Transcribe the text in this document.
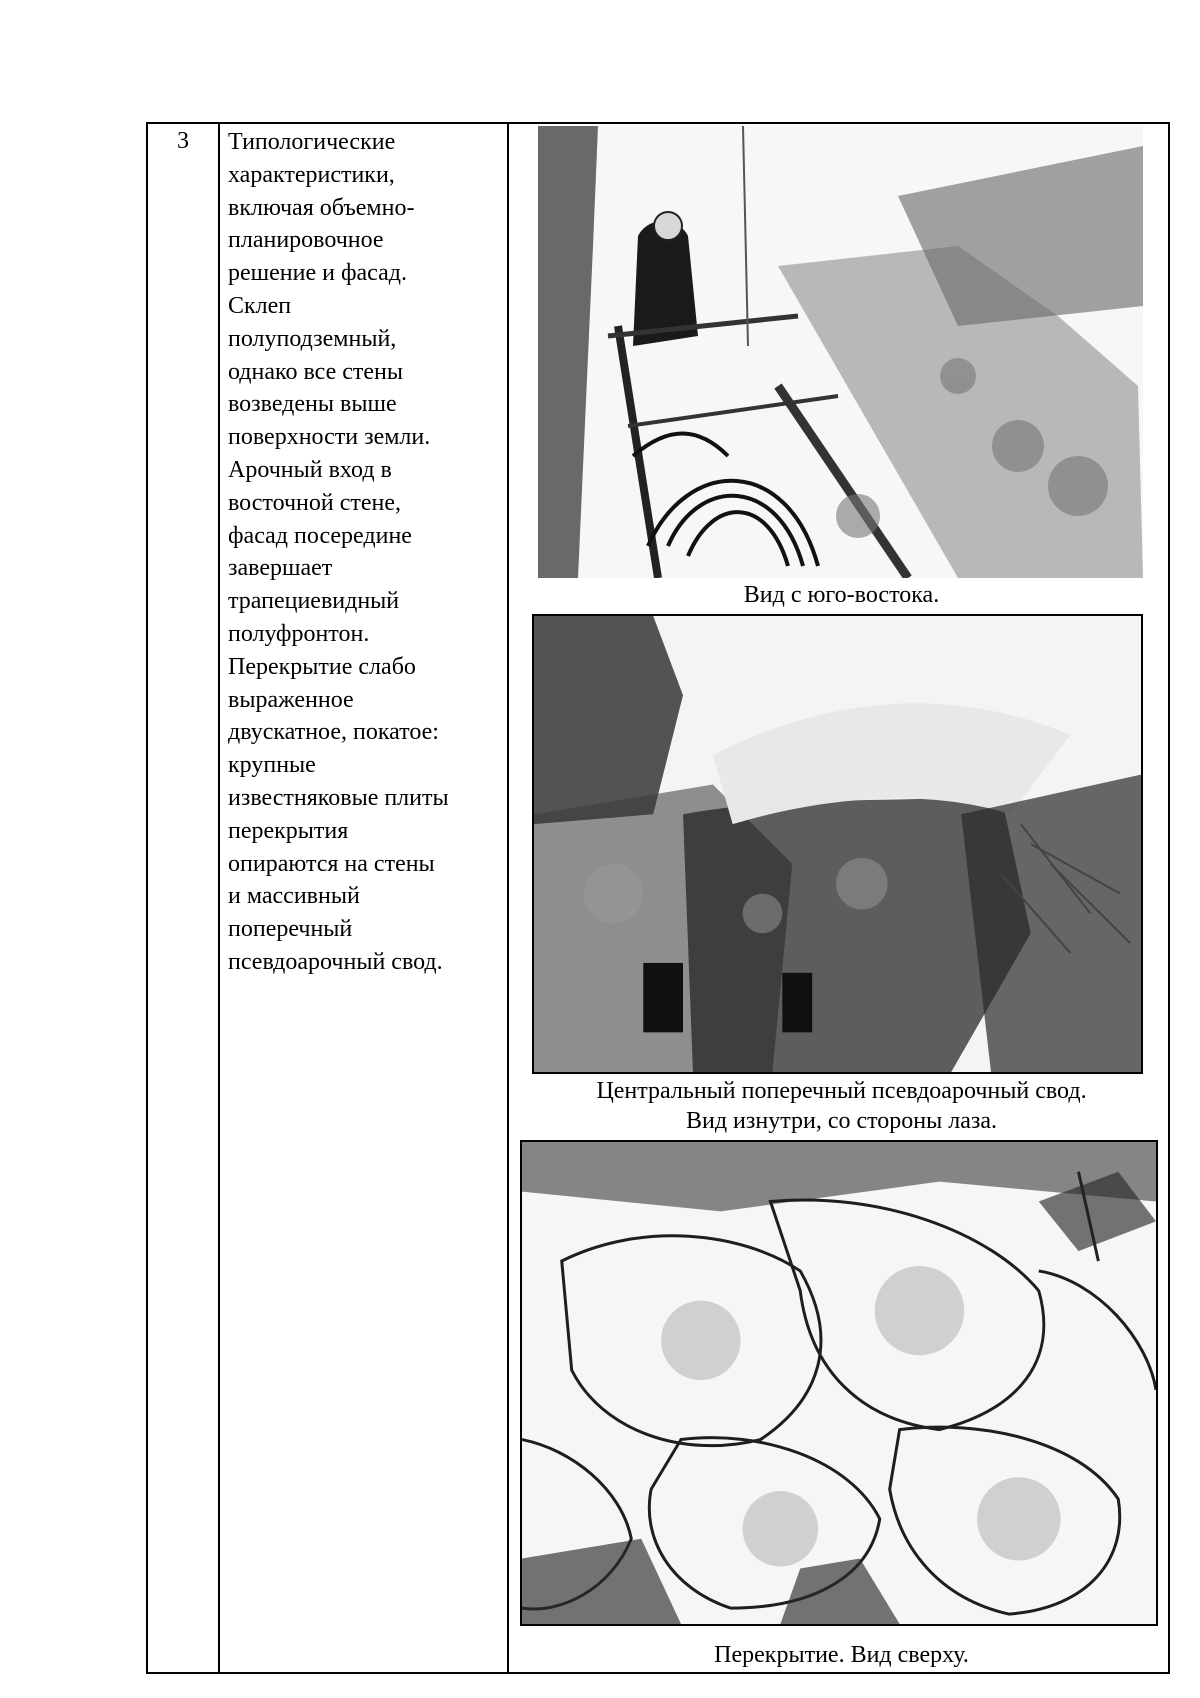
3	Типологические
характеристики,
включая объемно-
планировочное
решение и фасад.
Склеп
полуподземный,
однако все стены
возведены выше
поверхности земли.
Арочный вход в
восточной стене,
фасад посередине
завершает
трапециевидный
полуфронтон.
Перекрытие слабо
выраженное
двускатное, покатое:
крупные
известняковые плиты
перекрытия
опираются на стены
и массивный
поперечный
псевдоарочный свод.
Вид с юго-востока.
Центральный поперечный псевдоарочный свод.
Вид изнутри, со стороны лаза.
Перекрытие. Вид сверху.
